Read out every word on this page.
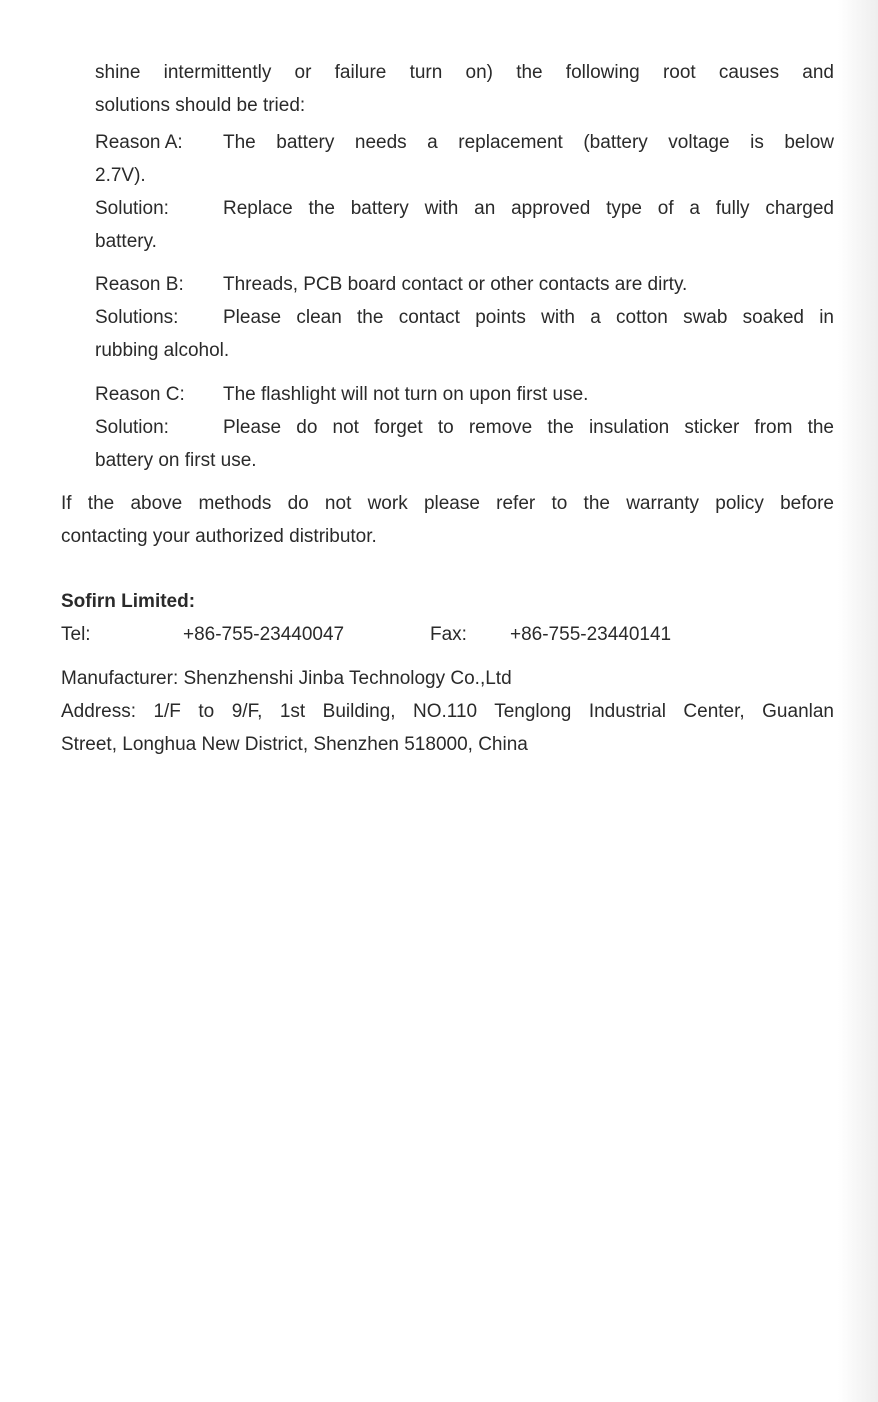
shine intermittently or failure turn on) the following root causes and
solutions should be tried:
Reason A:	The battery needs a replacement (battery voltage is below
2.7V).
Solution:	Replace the battery with an approved type of a fully charged
battery.
Reason B:	Threads, PCB board contact or other contacts are dirty.
Solutions:	Please clean the contact points with a cotton swab soaked in
rubbing alcohol.
Reason C:	The flashlight will not turn on upon first use.
Solution:	Please do not forget to remove the insulation sticker from the
battery on first use.
If the above methods do not work please refer to the warranty policy before
contacting your authorized distributor.
Sofirn Limited:
Tel:	+86-755-23440047	Fax: +86-755-23440141
Manufacturer: Shenzhenshi Jinba Technology Co.,Ltd
Address: 1/F to 9/F, 1st Building, NO.110 Tenglong Industrial Center, Guanlan
Street, Longhua New District, Shenzhen 518000, China
